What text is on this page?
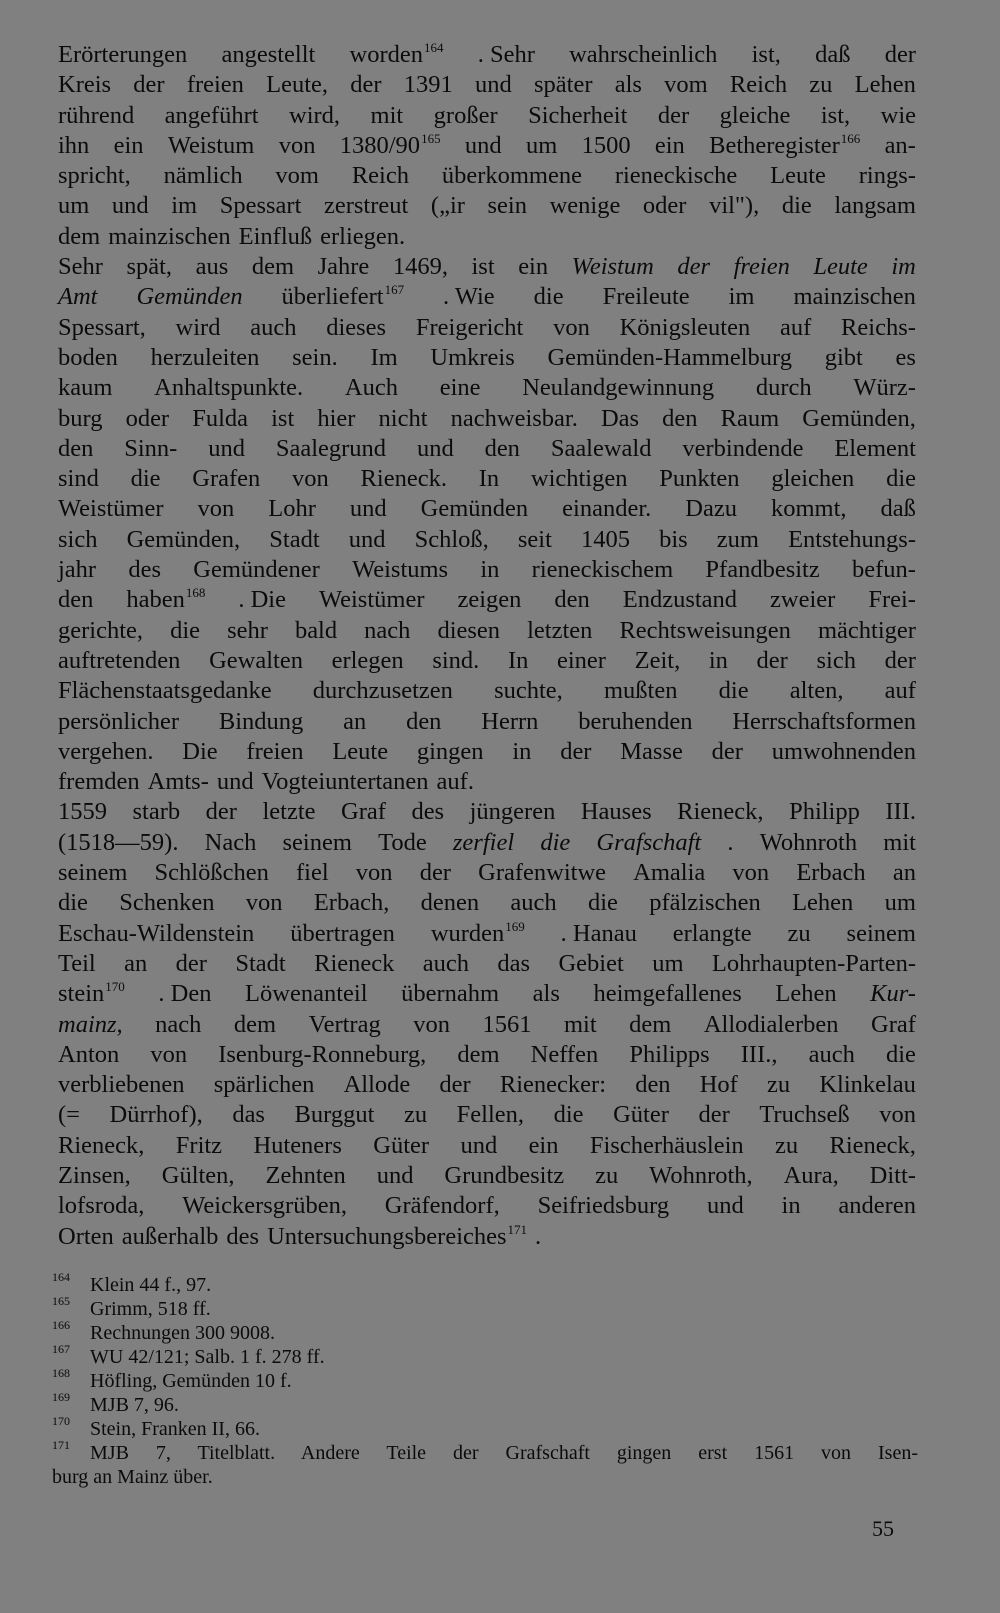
Erörterungen angestellt worden$^{164}$ . Sehr wahrscheinlich ist, daß der
Kreis der freien Leute, der 1391 und später als vom Reich zu Lehen
rührend angeführt wird, mit großer Sicherheit der gleiche ist, wie
ihn ein Weistum von $1380/90^{165}$ und um 1500 ein Betheregister$^{166}$ an-
spricht, nämlich vom Reich überkommene rieneckische Leute rings-
um und im Spessart zerstreut („ir sein wenige oder vil"), die langsam
dem mainzischen Einfluß erliegen.
Sehr spät, aus dem Jahre 1469, ist ein Weistum der freien Leute im
Amt Gemünden überliefert$^{167}$ . Wie die Freileute im mainzischen
Spessart, wird auch dieses Freigericht von Königsleuten auf Reichs-
boden herzuleiten sein. Im Umkreis Gemünden-Hammelburg gibt es
kaum Anhaltspunkte. Auch eine Neulandgewinnung durch Würz-
burg oder Fulda ist hier nicht nachweisbar. Das den Raum Gemünden,
den Sinn- und Saalegrund und den Saalewald verbindende Element
sind die Grafen von Rieneck. In wichtigen Punkten gleichen die
Weistümer von Lohr und Gemünden einander. Dazu kommt, daß
sich Gemünden, Stadt und Schloß, seit 1405 bis zum Entstehungs-
jahr des Gemündener Weistums in rieneckischem Pfandbesitz befun-
den haben$^{168}$ . Die Weistümer zeigen den Endzustand zweier Frei-
gerichte, die sehr bald nach diesen letzten Rechtsweisungen mächtiger
auftretenden Gewalten erlegen sind. In einer Zeit, in der sich der
Flächenstaatsgedanke durchzusetzen suchte, mußten die alten, auf
persönlicher Bindung an den Herrn beruhenden Herrschaftsformen
vergehen. Die freien Leute gingen in der Masse der umwohnenden
fremden Amts- und Vogteiuntertanen auf.
1559 starb der letzte Graf des jüngeren Hauses Rieneck, Philipp III.
(1518—59). Nach seinem Tode zerfiel die Grafschaft . Wohnroth mit
seinem Schlößchen fiel von der Grafenwitwe Amalia von Erbach an
die Schenken von Erbach, denen auch die pfälzischen Lehen um
Eschau-Wildenstein übertragen wurden$^{169}$ . Hanau erlangte zu seinem
Teil an der Stadt Rieneck auch das Gebiet um Lohrhaupten-Parten-
stein$^{170}$ . Den Löwenanteil übernahm als heimgefallenes Lehen Kur-
mainz, nach dem Vertrag von 1561 mit dem Allodialerben Graf
Anton von Isenburg-Ronneburg, dem Neffen Philipps III., auch die
verbliebenen spärlichen Allode der Rienecker: den Hof zu Klinkelau
(= Dürrhof), das Burggut zu Fellen, die Güter der Truchseß von
Rieneck, Fritz Huteners Güter und ein Fischerhäuslein zu Rieneck,
Zinsen, Gülten, Zehnten und Grundbesitz zu Wohnroth, Aura, Ditt-
lofsroda, Weickersgrüben, Gräfendorf, Seifriedsburg und in anderen
Orten außerhalb des Untersuchungsbereiches$^{171}$ .
164	Klein 44 f., 97.
165	Grimm, 518 ff.
166	Rechnungen 300 9008.
167	WU 42/121; Salb. 1 f. 278 ff.
168	Höfling, Gemünden 10 f.
169	MJB 7, 96.
170	Stein, Franken II, 66.
171	MJB 7, Titelblatt. Andere Teile der Grafschaft gingen erst 1561 von Isen-
burg an Mainz über.
55
